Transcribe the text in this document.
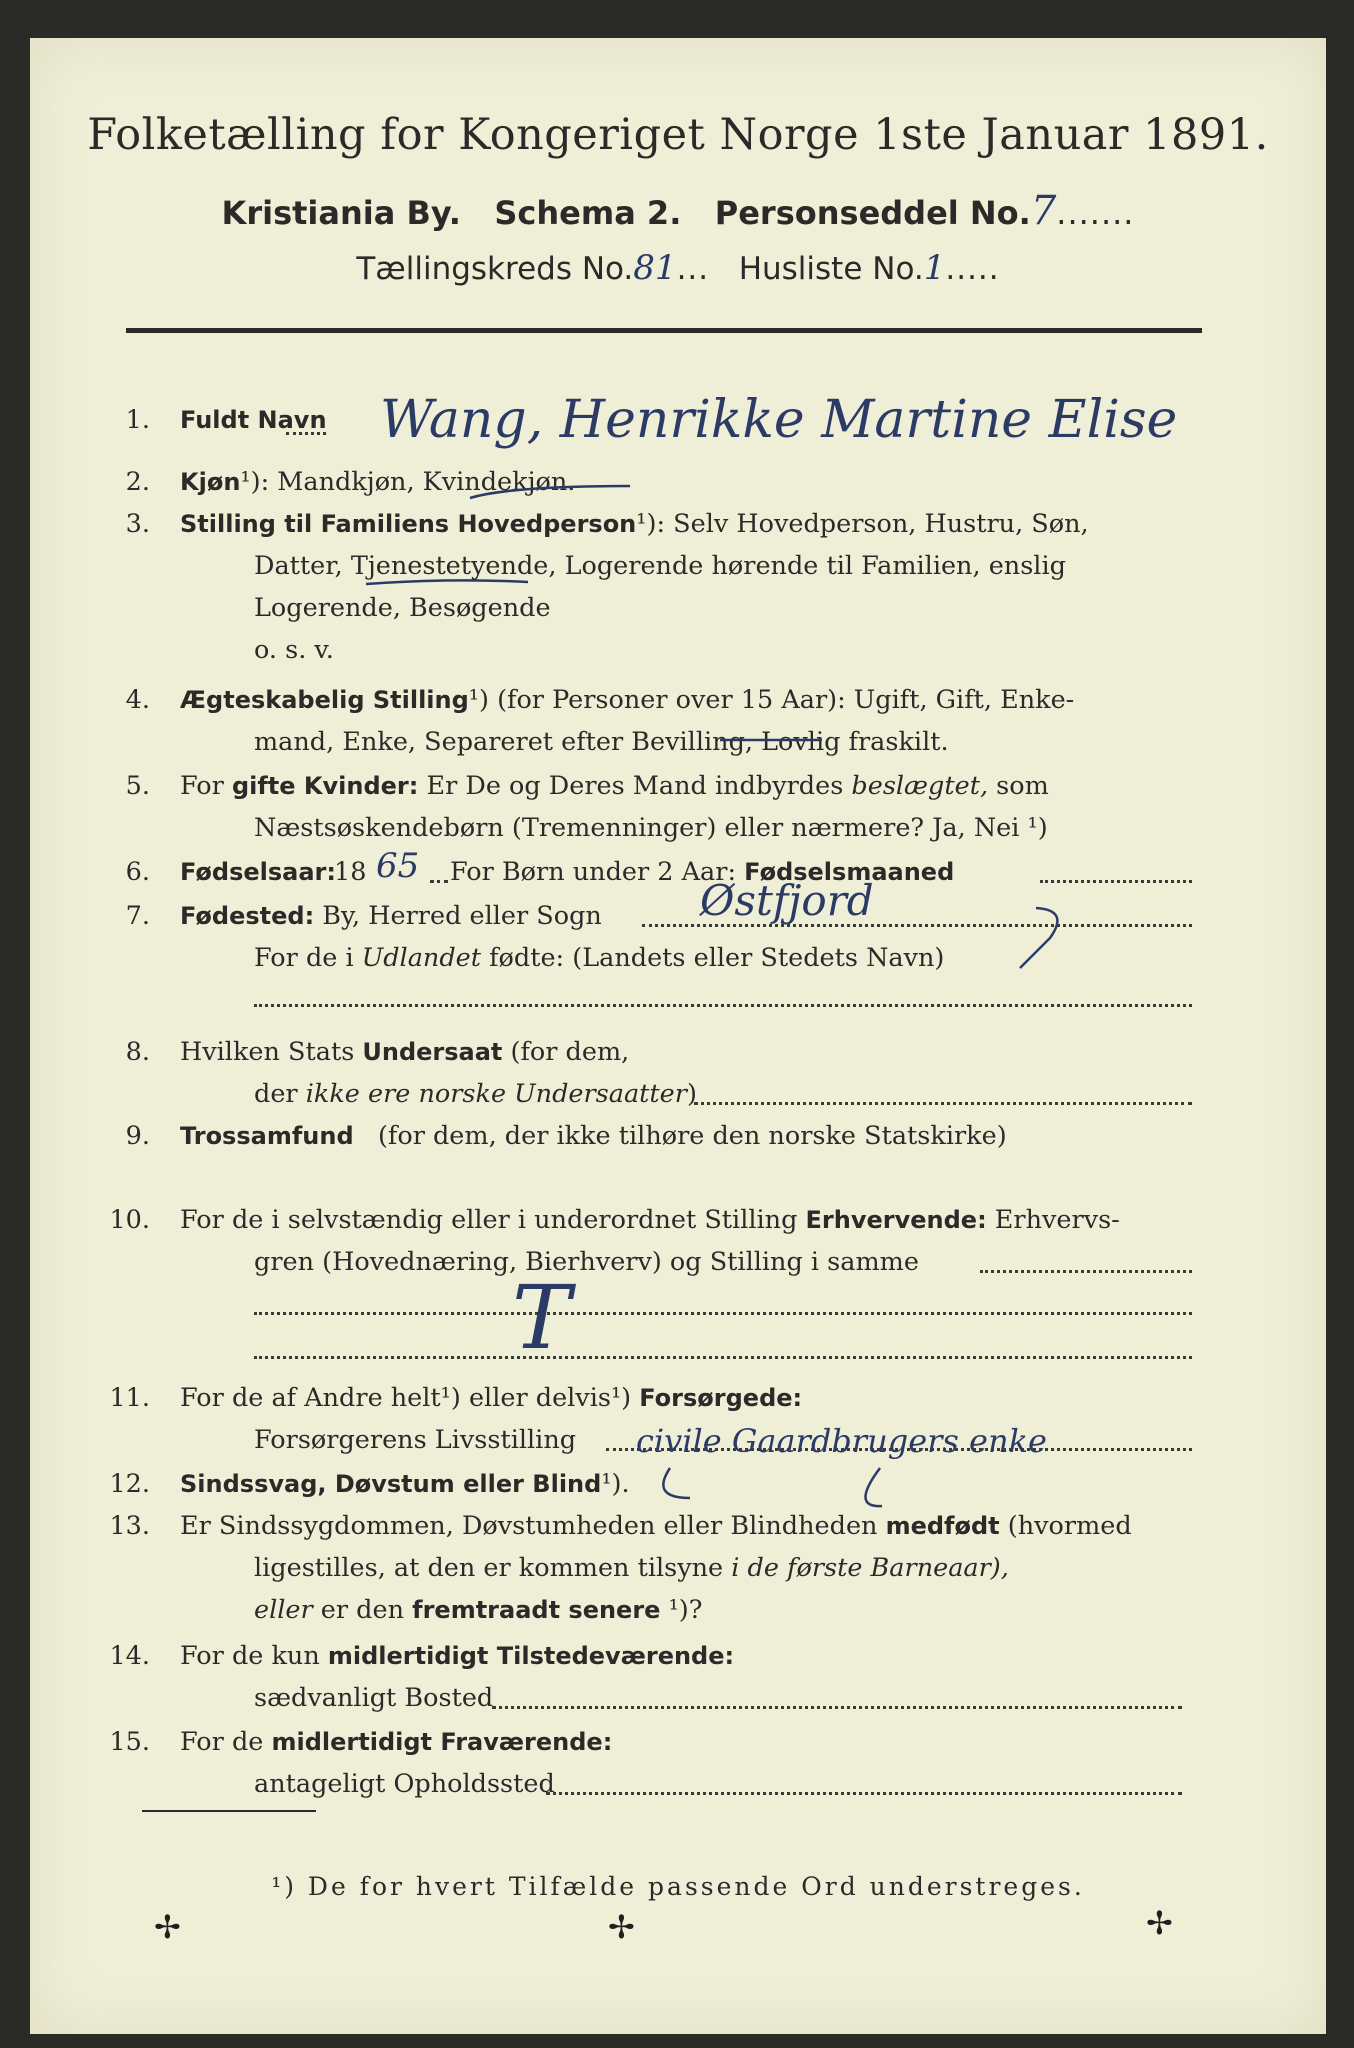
Folketælling for Kongeriget Norge 1ste Januar 1891.
Kristiania By. Schema 2. Personseddel No.7.......
Tællingskreds No.81... Husliste No.1.....
1. Fuldt Navn Wang, Henrikke Martine Elise
2. Kjøn¹): Mandkjøn, Kvindekjøn.
3. Stilling til Familiens Hovedperson¹): Selv Hovedperson, Hustru, Søn,
Datter, Tjenestetyende, Logerende hørende til Familien, enslig
Logerende, Besøgende
o. s. v.
4. Ægteskabelig Stilling¹) (for Personer over 15 Aar): Ugift, Gift, Enke-
mand, Enke, Separeret efter Bevilling, Lovlig fraskilt.
5. For gifte Kvinder: Er De og Deres Mand indbyrdes beslægtet, som
Næstsøskendebørn (Tremenninger) eller nærmere? Ja, Nei ¹)
6. Fødselsaar:
18	For Børn under 2 Aar: Fødselsmaaned
65
7. Fødested: By, Herred eller Sogn Østfjord
For de i Udlandet fødte: (Landets eller Stedets Navn)
8. Hvilken Stats Undersaat (for dem,
der ikke ere norske Undersaatter)
9. Trossamfund (for dem, der ikke tilhøre den norske Statskirke)
10. For de i selvstændig eller i underordnet Stilling Erhvervende: Erhvervs-
gren (Hovednæring, Bierhverv) og Stilling i samme
T
11. For de af Andre helt¹) eller delvis¹) Forsørgede:
Forsørgerens Livsstilling civile Gaardbrugers enke
12. Sindssvag, Døvstum eller Blind¹).
13. Er Sindssygdommen, Døvstumheden eller Blindheden medfødt (hvormed
ligestilles, at den er kommen tilsyne i de første Barneaar),
eller er den fremtraadt senere ¹)?
14. For de kun midlertidigt Tilstedeværende:
sædvanligt Bosted
15. For de midlertidigt Fraværende:
antageligt Opholdssted
¹) De for hvert Tilfælde passende Ord understreges.
✢	✢	✢
